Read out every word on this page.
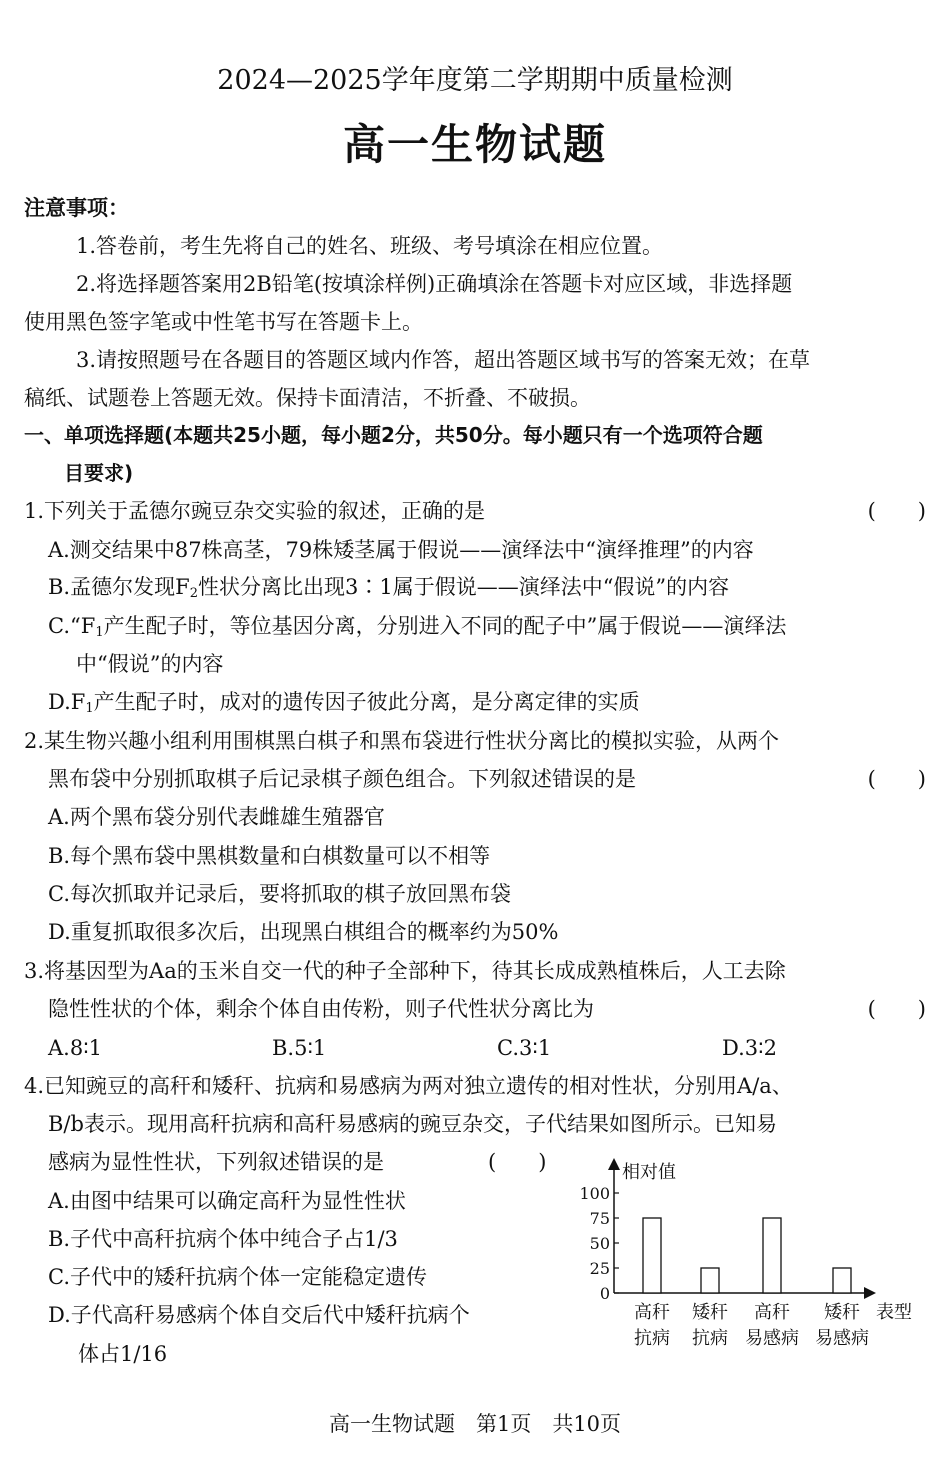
2024—2025学年度第二学期期中质量检测
高一生物试题
注意事项：
1.答卷前，考生先将自己的姓名、班级、考号填涂在相应位置。
2.将选择题答案用2B铅笔(按填涂样例)正确填涂在答题卡对应区域，非选择题
使用黑色签字笔或中性笔书写在答题卡上。
3.请按照题号在各题目的答题区域内作答，超出答题区域书写的答案无效；在草
稿纸、试题卷上答题无效。保持卡面清洁，不折叠、不破损。
一、单项选择题(本题共25小题，每小题2分，共50分。每小题只有一个选项符合题
目要求)
1.下列关于孟德尔豌豆杂交实验的叙述，正确的是	(　　)
A.测交结果中87株高茎，79株矮茎属于假说——演绎法中“演绎推理”的内容
B.孟德尔发现$F_2$性状分离比出现3∶1属于假说——演绎法中“假说”的内容
$C.“F_1$产生配子时，等位基因分离，分别进入不同的配子中”属于假说——演绎法
中“假说”的内容
$D.F_1$产生配子时，成对的遗传因子彼此分离，是分离定律的实质
2.某生物兴趣小组利用围棋黑白棋子和黑布袋进行性状分离比的模拟实验，从两个
黑布袋中分别抓取棋子后记录棋子颜色组合。下列叙述错误的是	(　　)
A.两个黑布袋分别代表雌雄生殖器官
B.每个黑布袋中黑棋数量和白棋数量可以不相等
C.每次抓取并记录后，要将抓取的棋子放回黑布袋
D.重复抓取很多次后，出现黑白棋组合的概率约为50%
3.将基因型为Aa的玉米自交一代的种子全部种下，待其长成成熟植株后，人工去除
隐性性状的个体，剩余个体自由传粉，则子代性状分离比为	(　　)
A.8∶1	B.5∶1	C.3∶1	D.3∶2
4.已知豌豆的高秆和矮秆、抗病和易感病为两对独立遗传的相对性状，分别用A/a、
B/b表示。现用高秆抗病和高秆易感病的豌豆杂交，子代结果如图所示。已知易
感病为显性性状，下列叙述错误的是	(　　)
A.由图中结果可以确定高秆为显性性状
B.子代中高秆抗病个体中纯合子占1/3
C.子代中的矮秆抗病个体一定能稳定遗传
D.子代高秆易感病个体自交后代中矮秆抗病个
体占1/16
相对值
表型
0
25
50
75
100
高秆
抗病
矮秆
抗病
高秆
易感病
矮秆
易感病
高一生物试题　第1页　共10页
